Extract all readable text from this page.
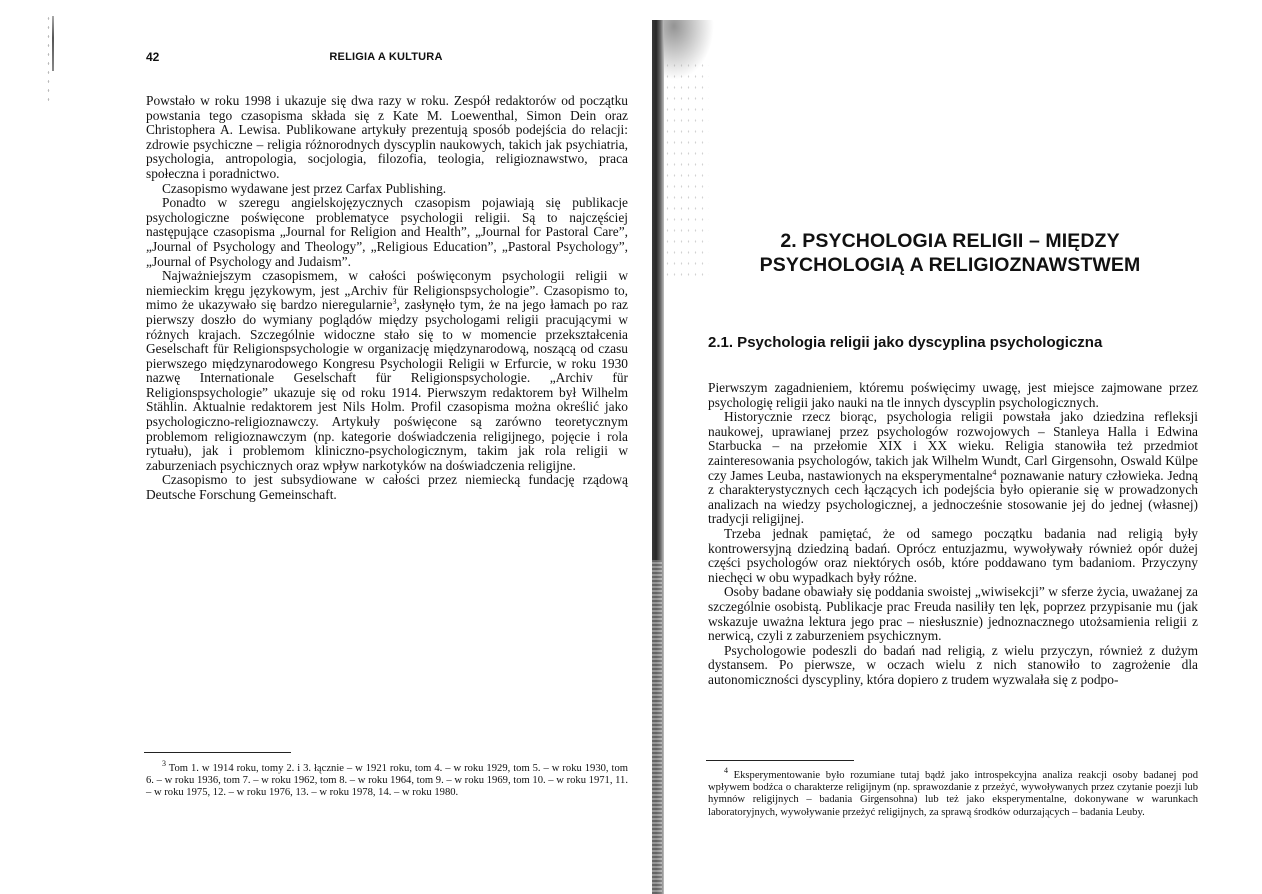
42	RELIGIA A KULTURA

Powstało w roku 1998 i ukazuje się dwa razy w roku. Zespół redaktorów od początku powstania tego czasopisma składa się z Kate M. Loewenthal, Simon Dein oraz Christophera A. Lewisa. Publikowane artykuły prezentują sposób podejścia do relacji: zdrowie psychiczne – religia różnorodnych dyscyplin naukowych, takich jak psychiatria, psychologia, antropologia, socjologia, filozofia, teologia, religioznawstwo, praca społeczna i poradnictwo.

Czasopismo wydawane jest przez Carfax Publishing.

Ponadto w szeregu angielskojęzycznych czasopism pojawiają się publikacje psychologiczne poświęcone problematyce psychologii religii. Są to najczęściej następujące czasopisma „Journal for Religion and Health”, „Journal for Pastoral Care”, „Journal of Psychology and Theology”, „Religious Education”, „Pastoral Psychology”, „Journal of Psychology and Judaism”.

Najważniejszym czasopismem, w całości poświęconym psychologii religii w niemieckim kręgu językowym, jest „Archiv für Religionspsychologie”. Czasopismo to, mimo że ukazywało się bardzo nieregularnie$^3$, zasłynęło tym, że na jego łamach po raz pierwszy doszło do wymiany poglądów między psychologami religii pracującymi w różnych krajach. Szczególnie widoczne stało się to w momencie przekształcenia Geselschaft für Religionspsychologie w organizację międzynarodową, noszącą od czasu pierwszego międzynarodowego Kongresu Psychologii Religii w Erfurcie, w roku 1930 nazwę Internationale Geselschaft für Religionspsychologie. „Archiv für Religionspsychologie” ukazuje się od roku 1914. Pierwszym redaktorem był Wilhelm Stählin. Aktualnie redaktorem jest Nils Holm. Profil czasopisma można określić jako psychologiczno-religioznawczy. Artykuły poświęcone są zarówno teoretycznym problemom religioznawczym (np. kategorie doświadczenia religijnego, pojęcie i rola rytuału), jak i problemom kliniczno-psychologicznym, takim jak rola religii w zaburzeniach psychicznych oraz wpływ narkotyków na doświadczenia religijne.

Czasopismo to jest subsydiowane w całości przez niemiecką fundację rządową Deutsche Forschung Gemeinschaft.

$^3$ Tom 1. w 1914 roku, tomy 2. i 3. łącznie – w 1921 roku, tom 4. – w roku 1929, tom 5. – w roku 1930, tom 6. – w roku 1936, tom 7. – w roku 1962, tom 8. – w roku 1964, tom 9. – w roku 1969, tom 10. – w roku 1971, 11. – w roku 1975, 12. – w roku 1976, 13. – w roku 1978, 14. – w roku 1980.

2. PSYCHOLOGIA RELIGII – MIĘDZY
PSYCHOLOGIĄ A RELIGIOZNAWSTWEM
2.1. Psychologia religii jako dyscyplina psychologiczna

Pierwszym zagadnieniem, któremu poświęcimy uwagę, jest miejsce zajmowane przez psychologię religii jako nauki na tle innych dyscyplin psychologicznych.

Historycznie rzecz biorąc, psychologia religii powstała jako dziedzina refleksji naukowej, uprawianej przez psychologów rozwojowych – Stanleya Halla i Edwina Starbucka – na przełomie XIX i XX wieku. Religia stanowiła też przedmiot zainteresowania psychologów, takich jak Wilhelm Wundt, Carl Girgensohn, Oswald Külpe czy James Leuba, nastawionych na eksperymentalne$^4$ poznawanie natury człowieka. Jedną z charakterystycznych cech łączących ich podejścia było opieranie się w prowadzonych analizach na wiedzy psychologicznej, a jednocześnie stosowanie jej do jednej (własnej) tradycji religijnej.

Trzeba jednak pamiętać, że od samego początku badania nad religią były kontrowersyjną dziedziną badań. Oprócz entuzjazmu, wywoływały również opór dużej części psychologów oraz niektórych osób, które poddawano tym badaniom. Przyczyny niechęci w obu wypadkach były różne.

Osoby badane obawiały się poddania swoistej „wiwisekcji” w sferze życia, uważanej za szczególnie osobistą. Publikacje prac Freuda nasiliły ten lęk, poprzez przypisanie mu (jak wskazuje uważna lektura jego prac – niesłusznie) jednoznacznego utożsamienia religii z nerwicą, czyli z zaburzeniem psychicznym.

Psychologowie podeszli do badań nad religią, z wielu przyczyn, również z dużym dystansem. Po pierwsze, w oczach wielu z nich stanowiło to zagrożenie dla autonomiczności dyscypliny, która dopiero z trudem wyzwalała się z podpo-

$^4$ Eksperymentowanie było rozumiane tutaj bądź jako introspekcyjna analiza reakcji osoby badanej pod wpływem bodźca o charakterze religijnym (np. sprawozdanie z przeżyć, wywoływanych przez czytanie poezji lub hymnów religijnych – badania Girgensohna) lub też jako eksperymentalne, dokonywane w warunkach laboratoryjnych, wywoływanie przeżyć religijnych, za sprawą środków odurzających – badania Leuby.
